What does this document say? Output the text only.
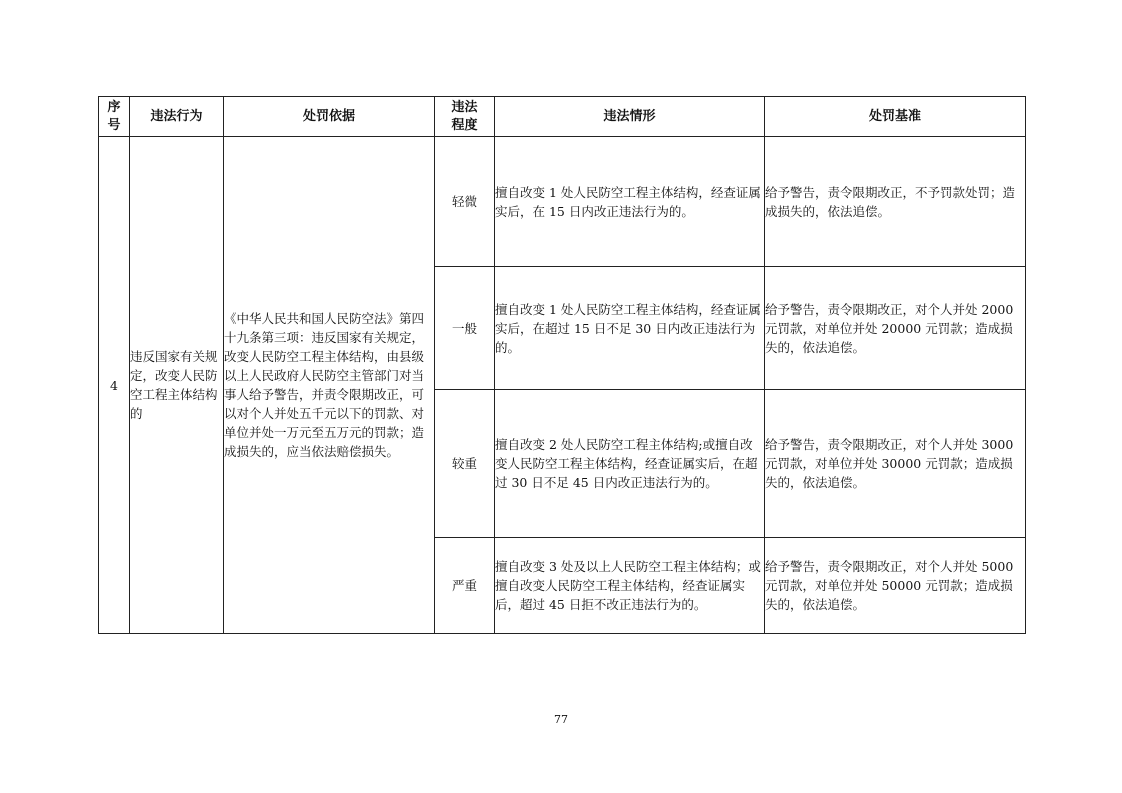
序号	违法行为	处罚依据	违法程度	违法情形	处罚基准
4	违反国家有关规定，改变人民防空工程主体结构的	《中华人民共和国人民防空法》第四十九条第三项：违反国家有关规定，改变人民防空工程主体结构，由县级以上人民政府人民防空主管部门对当事人给予警告，并责令限期改正，可以对个人并处五千元以下的罚款、对单位并处一万元至五万元的罚款；造成损失的，应当依法赔偿损失。	轻微	擅自改变 1 处人民防空工程主体结构，经查证属实后，在 15 日内改正违法行为的。	给予警告，责令限期改正，不予罚款处罚；造成损失的，依法追偿。
			一般	擅自改变 1 处人民防空工程主体结构，经查证属实后，在超过 15 日不足 30 日内改正违法行为的。	给予警告，责令限期改正，对个人并处 2000 元罚款，对单位并处 20000 元罚款；造成损失的，依法追偿。
			较重	擅自改变 2 处人民防空工程主体结构;或擅自改变人民防空工程主体结构，经查证属实后，在超过 30 日不足 45 日内改正违法行为的。	给予警告，责令限期改正，对个人并处 3000 元罚款，对单位并处 30000 元罚款；造成损失的，依法追偿。
			严重	擅自改变 3 处及以上人民防空工程主体结构；或擅自改变人民防空工程主体结构，经查证属实后，超过 45 日拒不改正违法行为的。	给予警告，责令限期改正，对个人并处 5000 元罚款，对单位并处 50000 元罚款；造成损失的，依法追偿。
77
